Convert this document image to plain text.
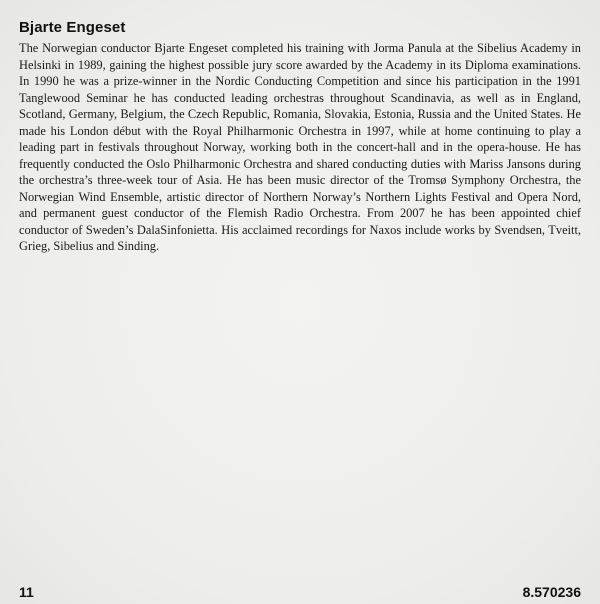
Bjarte Engeset

The Norwegian conductor Bjarte Engeset completed his training with Jorma Panula at the Sibelius Academy in Helsinki in 1989, gaining the highest possible jury score awarded by the Academy in its Diploma examinations. In 1990 he was a prize-winner in the Nordic Conducting Competition and since his participation in the 1991 Tanglewood Seminar he has conducted leading orchestras throughout Scandinavia, as well as in England, Scotland, Germany, Belgium, the Czech Republic, Romania, Slovakia, Estonia, Russia and the United States. He made his London début with the Royal Philharmonic Orchestra in 1997, while at home continuing to play a leading part in festivals throughout Norway, working both in the concert-hall and in the opera-house. He has frequently conducted the Oslo Philharmonic Orchestra and shared conducting duties with Mariss Jansons during the orchestra’s three-week tour of Asia. He has been music director of the Tromsø Symphony Orchestra, the Norwegian Wind Ensemble, artistic director of Northern Norway’s Northern Lights Festival and Opera Nord, and permanent guest conductor of the Flemish Radio Orchestra. From 2007 he has been appointed chief conductor of Sweden’s DalaSinfonietta. His acclaimed recordings for Naxos include works by Svendsen, Tveitt, Grieg, Sibelius and Sinding.

11	8.570236
